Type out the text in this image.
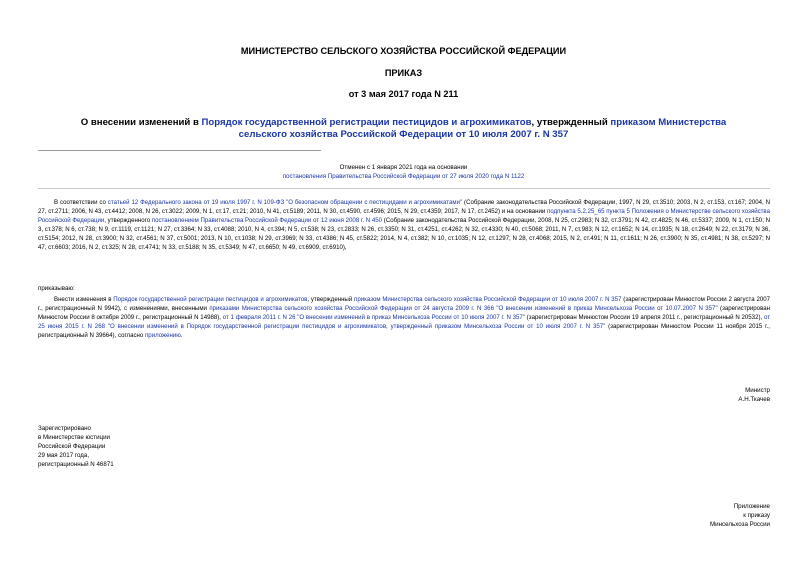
МИНИСТЕРСТВО СЕЛЬСКОГО ХОЗЯЙСТВА РОССИЙСКОЙ ФЕДЕРАЦИИ
ПРИКАЗ
от 3 мая 2017 года N 211
О внесении изменений в Порядок государственной регистрации пестицидов и агрохимикатов, утвержденный приказом Министерства сельского хозяйства Российской Федерации от 10 июля 2007 г. N 357
Отменен с 1 января 2021 года на основании
постановления Правительства Российской Федерации от 27 июля 2020 года N 1122
В соответствии со статьей 12 Федерального закона от 19 июля 1997 г. N 109-ФЗ "О безопасном обращении с пестицидами и агрохимикатами" (Собрание законодательства Российской Федерации, 1997, N 29, ст.3510; 2003, N 2, ст.153, ст.167; 2004, N 27, ст.2711; 2006, N 43, ст.4412; 2008, N 26, ст.3022; 2009, N 1, ст.17, ст.21; 2010, N 41, ст.5189; 2011, N 30, ст.4590, ст.4596; 2015, N 29, ст.4359; 2017, N 17, ст.2452) и на основании подпункта 5.2.25_65 пункта 5 Положения о Министерстве сельского хозяйства Российской Федерации, утвержденного постановлением Правительства Российской Федерации от 12 июня 2008 г. N 450 (Собрание законодательства Российской Федерации, 2008, N 25, ст.2983; N 32, ст.3791; N 42, ст.4825; N 46, ст.5337; 2009, N 1, ст.150; N 3, ст.378; N 6, ст.738; N 9, ст.1119, ст.1121; N 27, ст.3364; N 33, ст.4088; 2010, N 4, ст.394; N 5, ст.538; N 23, ст.2833; N 26, ст.3350; N 31, ст.4251, ст.4262; N 32, ст.4330; N 40, ст.5068; 2011, N 7, ст.983; N 12, ст.1652; N 14, ст.1935; N 18, ст.2649; N 22, ст.3179; N 36, ст.5154; 2012, N 28, ст.3900; N 32, ст.4561; N 37, ст.5001; 2013, N 10, ст.1038; N 29, ст.3969; N 33, ст.4386; N 45, ст.5822; 2014, N 4, ст.382; N 10, ст.1035; N 12, ст.1297; N 28, ст.4068; 2015, N 2, ст.491; N 11, ст.1611; N 26, ст.3900; N 35, ст.4981; N 38, ст.5297; N 47, ст.6603; 2016, N 2, ст.325; N 28, ст.4741; N 33, ст.5188; N 35, ст.5349; N 47, ст.6650; N 49, ст.6909, ст.6910),
приказываю:
Внести изменения в Порядок государственной регистрации пестицидов и агрохимикатов, утвержденный приказом Министерства сельского хозяйства Российской Федерации от 10 июля 2007 г. N 357 (зарегистрирован Минюстом России 2 августа 2007 г., регистрационный N 9942), с изменениями, внесенными приказами Министерства сельского хозяйства Российской Федерации от 24 августа 2009 г. N 366 "О внесении изменений в приказ Минсельхоза России от 10.07.2007 N 357" (зарегистрирован Минюстом России 8 октября 2009 г., регистрационный N 14988), от 1 февраля 2011 г. N 26 "О внесении изменений в приказ Минсельхоза России от 10 июля 2007 г. N 357" (зарегистрирован Минюстом России 19 апреля 2011 г., регистрационный N 20532), от 25 июня 2015 г. N 268 "О внесении изменений в Порядок государственной регистрации пестицидов и агрохимикатов, утвержденный приказом Минсельхоза России от 10 июля 2007 г. N 357" (зарегистрирован Минюстом России 11 ноября 2015 г., регистрационный N 39664), согласно приложению.
Министр
А.Н.Ткачев
Зарегистрировано
в Министерстве юстиции
Российской Федерации
29 мая 2017 года,
регистрационный N 46871
Приложение
к приказу
Минсельхоза России
